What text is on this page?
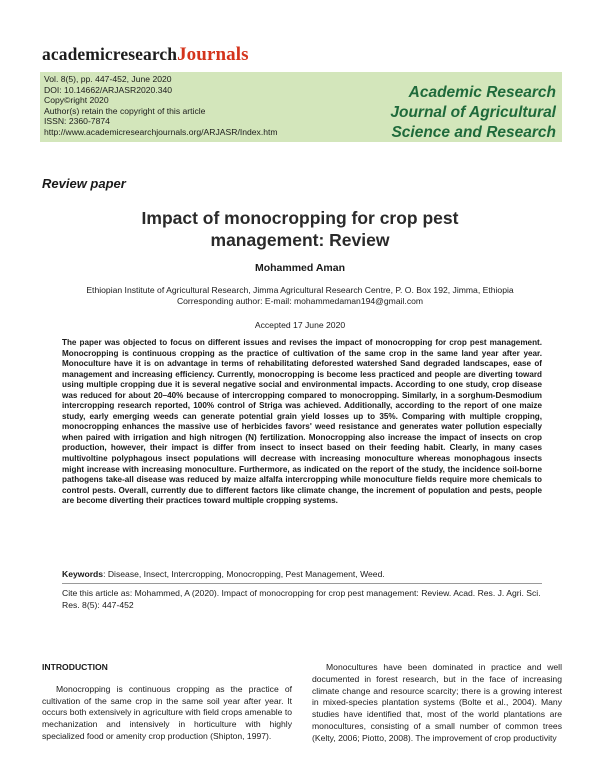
academicresearchJournals
Vol. 8(5), pp. 447-452, June 2020
DOI: 10.14662/ARJASR2020.340
Copy©right 2020
Author(s) retain the copyright of this article
ISSN: 2360-7874
http://www.academicresearchjournals.org/ARJASR/Index.htm
Academic Research
Journal of Agricultural
Science and Research
Review paper
Impact of monocropping for crop pest
management: Review
Mohammed Aman
Ethiopian Institute of Agricultural Research, Jimma Agricultural Research Centre, P. O. Box 192, Jimma, Ethiopia
Corresponding author: E-mail: mohammedaman194@gmail.com
Accepted 17 June 2020
The paper was objected to focus on different issues and revises the impact of monocropping for crop pest management. Monocropping is continuous cropping as the practice of cultivation of the same crop in the same land year after year. Monoculture have it is on advantage in terms of rehabilitating deforested watershed Sand degraded landscapes, ease of management and increasing efficiency. Currently, monocropping is become less practiced and people are diverting toward using multiple cropping due it is several negative social and environmental impacts. According to one study, crop disease was reduced for about 20–40% because of intercropping compared to monocropping. Similarly, in a sorghum-Desmodium intercropping research reported, 100% control of Striga was achieved. Additionally, according to the report of one maize study, early emerging weeds can generate potential grain yield losses up to 35%. Comparing with multiple cropping, monocropping enhances the massive use of herbicides favors' weed resistance and generates water pollution especially when paired with irrigation and high nitrogen (N) fertilization. Monocropping also increase the impact of insects on crop production, however, their impact is differ from insect to insect based on their feeding habit. Clearly, in many cases multivoltine polyphagous insect populations will decrease with increasing monoculture whereas monophagous insects might increase with increasing monoculture. Furthermore, as indicated on the report of the study, the incidence soil-borne pathogens take-all disease was reduced by maize alfalfa intercropping while monoculture fields require more chemicals to control pests. Overall, currently due to different factors like climate change, the increment of population and pests, people are become diverting their practices toward multiple cropping systems.
Keywords: Disease, Insect, Intercropping, Monocropping, Pest Management, Weed.
Cite this article as: Mohammed, A (2020). Impact of monocropping for crop pest management: Review. Acad. Res. J. Agri. Sci. Res. 8(5): 447-452
INTRODUCTION
Monocropping is continuous cropping as the practice of cultivation of the same crop in the same soil year after year. It occurs both extensively in agriculture with field crops amenable to mechanization and intensively in horticulture with highly specialized food or amenity crop production (Shipton, 1997).
Monocultures have been dominated in practice and well documented in forest research, but in the face of increasing climate change and resource scarcity; there is a growing interest in mixed-species plantation systems (Bolte et al., 2004). Many studies have identified that, most of the world plantations are monocultures, consisting of a small number of common trees (Kelty, 2006; Piotto, 2008). The improvement of crop productivity
